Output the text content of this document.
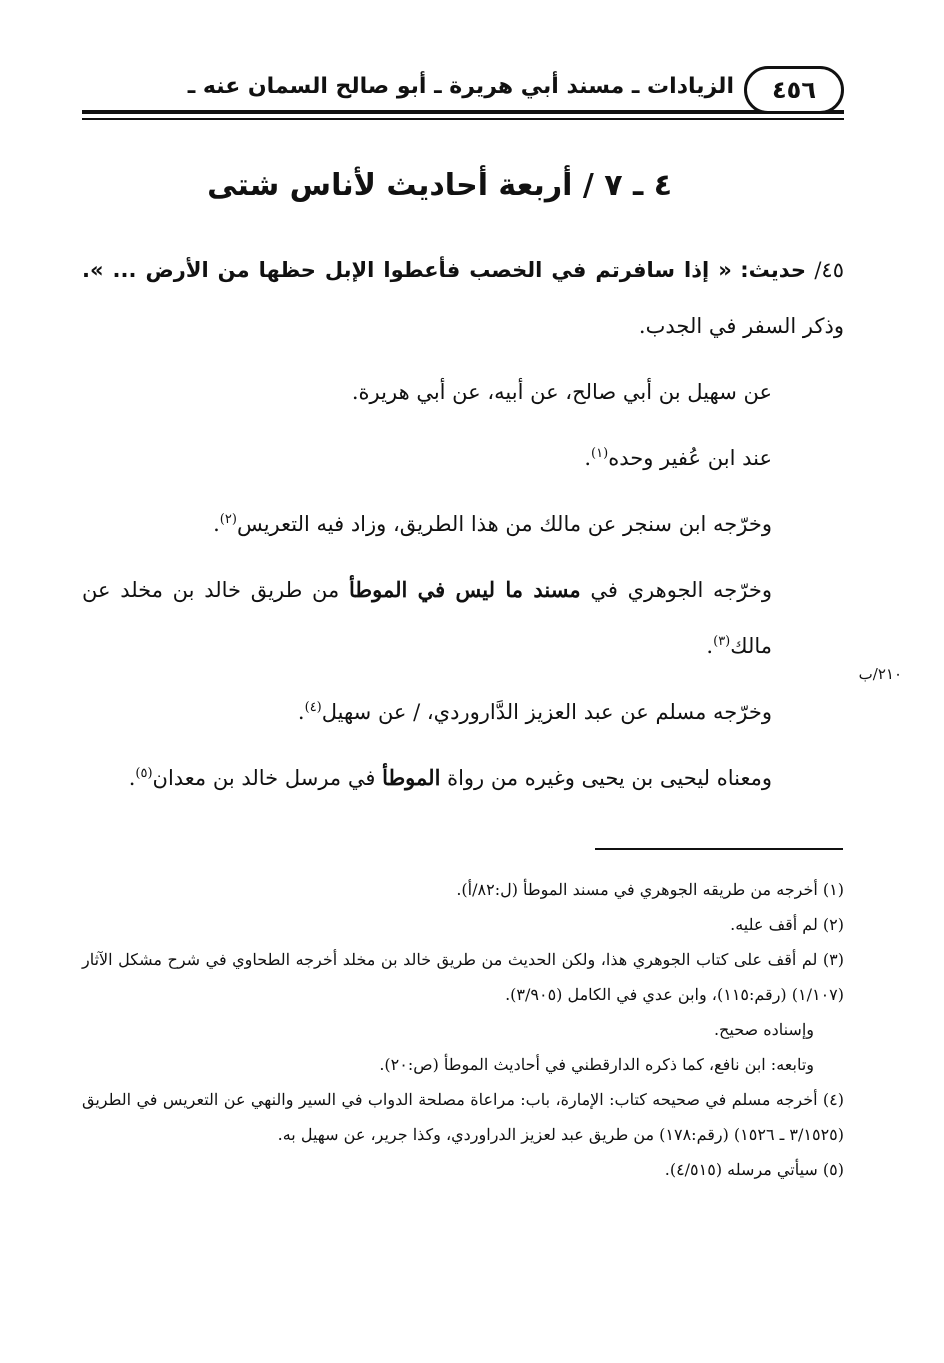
الزيادات ـ مسند أبي هريرة ـ أبو صالح السمان عنه ـ	٤٥٦
٤ ـ ٧ / أربعة أحاديث لأناس شتى
٢١٠/ب

٤٥/ حديث: « إذا سافرتم في الخصب فأعطوا الإبل حظها من الأرض ... ». وذكر السفر في الجدب.

عن سهيل بن أبي صالح، عن أبيه، عن أبي هريرة.

عند ابن عُفير وحده$^{(١)}$.

وخرّجه ابن سنجر عن مالك من هذا الطريق، وزاد فيه التعريس$^{(٢)}$.

وخرّجه الجوهري في مسند ما ليس في الموطأ من طريق خالد بن مخلد عن مالك$^{(٣)}$.

وخرّجه مسلم عن عبد العزيز الدَّاروردي، / عن سهيل$^{(٤)}$.

ومعناه ليحيى بن يحيى وغيره من رواة الموطأ في مرسل خالد بن معدان$^{(٥)}$.

(١) أخرجه من طريقه الجوهري في مسند الموطأ (ل:٨٢/أ).

(٢) لم أقف عليه.

(٣) لم أقف على كتاب الجوهري هذا، ولكن الحديث من طريق خالد بن مخلد أخرجه الطحاوي في شرح مشكل الآثار (١/١٠٧) (رقم:١١٥)، وابن عدي في الكامل (٣/٩٠٥).

وإسناده صحيح.

وتابعه: ابن نافع، كما ذكره الدارقطني في أحاديث الموطأ (ص:٢٠).

(٤) أخرجه مسلم في صحيحه كتاب: الإمارة، باب: مراعاة مصلحة الدواب في السير والنهي عن التعريس في الطريق (٣/١٥٢٥ ـ ١٥٢٦) (رقم:١٧٨) من طريق عبد لعزيز الدراوردي، وكذا جرير، عن سهيل به.

(٥) سيأتي مرسله (٤/٥١٥).
